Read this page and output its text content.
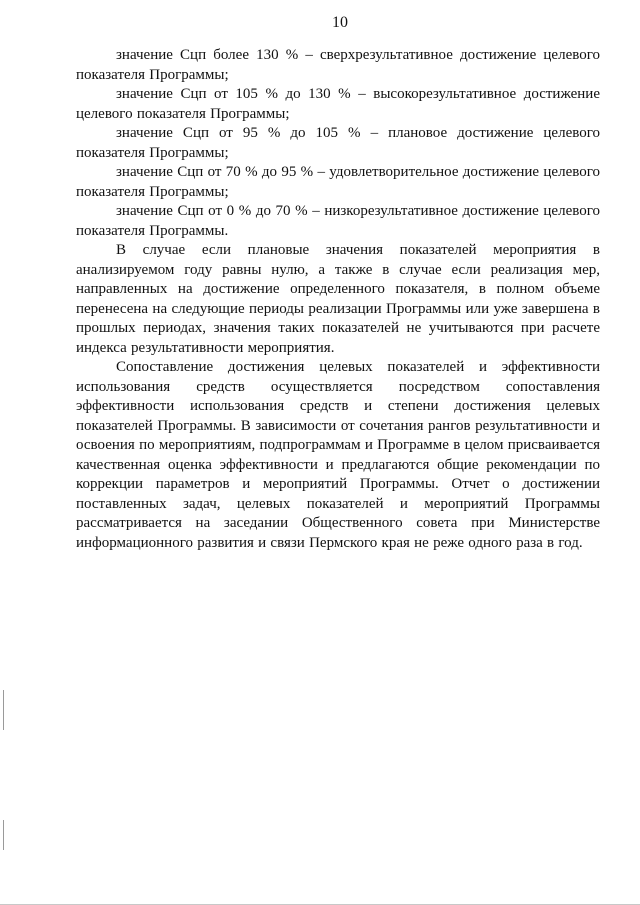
10

значение Сцп более 130 % – сверхрезультативное достижение целевого показателя Программы;

значение Сцп от 105 % до 130 % – высокорезультативное достижение целевого показателя Программы;

значение Сцп от 95 % до 105 % – плановое достижение целевого показателя Программы;

значение Сцп от 70 % до 95 % – удовлетворительное достижение целевого показателя Программы;

значение Сцп от 0 % до 70 % – низкорезультативное достижение целевого показателя Программы.

В случае если плановые значения показателей мероприятия в анализируемом году равны нулю, а также в случае если реализация мер, направленных на достижение определенного показателя, в полном объеме перенесена на следующие периоды реализации Программы или уже завершена в прошлых периодах, значения таких показателей не учитываются при расчете индекса результативности мероприятия.

Сопоставление достижения целевых показателей и эффективности использования средств осуществляется посредством сопоставления эффективности использования средств и степени достижения целевых показателей Программы. В зависимости от сочетания рангов результативности и освоения по мероприятиям, подпрограммам и Программе в целом присваивается качественная оценка эффективности и предлагаются общие рекомендации по коррекции параметров и мероприятий Программы. Отчет о достижении поставленных задач, целевых показателей и мероприятий Программы рассматривается на заседании Общественного совета при Министерстве информационного развития и связи Пермского края не реже одного раза в год.
